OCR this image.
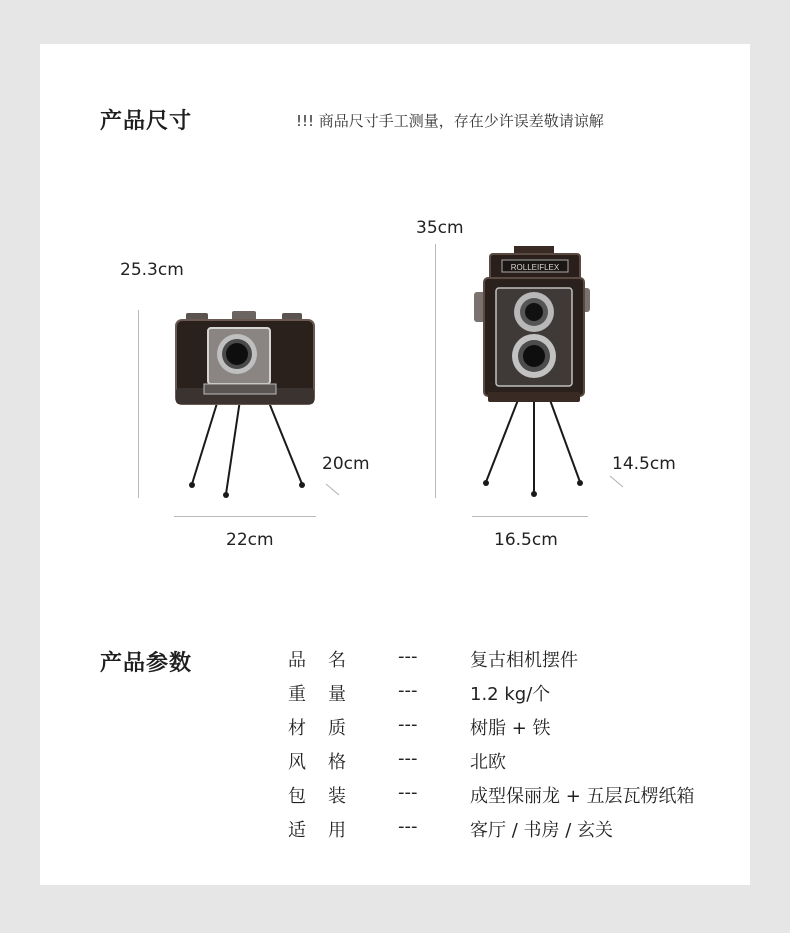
产品尺寸	!!! 商品尺寸手工测量，存在少许误差敬请谅解
25.3cm
20cm
22cm
35cm
ROLLEIFLEX
14.5cm
16.5cm
产品参数	品 名	---	复古相机摆件
重 量	---	1.2 kg/个
材 质	---	树脂 + 铁
风 格	---	北欧
包 装	---	成型保丽龙 + 五层瓦楞纸箱
适 用	---	客厅 / 书房 / 玄关
